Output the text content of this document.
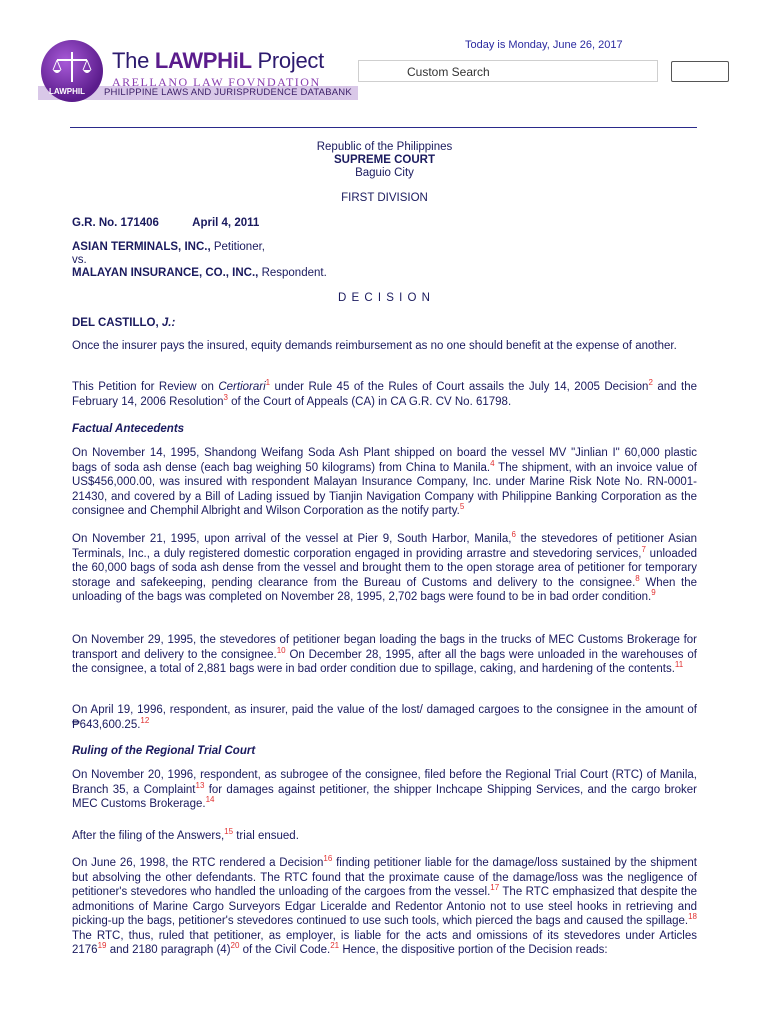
LAWPHIL
The LAWPHiL Project
ARELLANO LAW FOVNDATION
PHILIPPINE LAWS AND JURISPRUDENCE DATABANK
Today is Monday, June 26, 2017
Custom Search
Republic of the Philippines
SUPREME COURT
Baguio City
FIRST DIVISION
G.R. No. 171406	April 4, 2011
ASIAN TERMINALS, INC., Petitioner,
vs.
MALAYAN INSURANCE, CO., INC., Respondent.
D E C I S I O N
DEL CASTILLO, J.:

Once the insurer pays the insured, equity demands reimbursement as no one should benefit at the expense of another.

This Petition for Review on Certiorari$^1$ under Rule 45 of the Rules of Court assails the July 14, 2005 Decision$^2$ and the February 14, 2006 Resolution$^3$ of the Court of Appeals (CA) in CA G.R. CV No. 61798.

Factual Antecedents

On November 14, 1995, Shandong Weifang Soda Ash Plant shipped on board the vessel MV "Jinlian I" 60,000 plastic bags of soda ash dense (each bag weighing 50 kilograms) from China to Manila.$^4$ The shipment, with an invoice value of US$456,000.00, was insured with respondent Malayan Insurance Company, Inc. under Marine Risk Note No. RN-0001-21430, and covered by a Bill of Lading issued by Tianjin Navigation Company with Philippine Banking Corporation as the consignee and Chemphil Albright and Wilson Corporation as the notify party.$^5$

On November 21, 1995, upon arrival of the vessel at Pier 9, South Harbor, Manila,$^6$ the stevedores of petitioner Asian Terminals, Inc., a duly registered domestic corporation engaged in providing arrastre and stevedoring services,$^7$ unloaded the 60,000 bags of soda ash dense from the vessel and brought them to the open storage area of petitioner for temporary storage and safekeeping, pending clearance from the Bureau of Customs and delivery to the consignee.$^8$ When the unloading of the bags was completed on November 28, 1995, 2,702 bags were found to be in bad order condition.$^9$

On November 29, 1995, the stevedores of petitioner began loading the bags in the trucks of MEC Customs Brokerage for transport and delivery to the consignee.$^{10}$ On December 28, 1995, after all the bags were unloaded in the warehouses of the consignee, a total of 2,881 bags were in bad order condition due to spillage, caking, and hardening of the contents.$^{11}$

On April 19, 1996, respondent, as insurer, paid the value of the lost/ damaged cargoes to the consignee in the amount of ₱643,600.25.12

Ruling of the Regional Trial Court

On November 20, 1996, respondent, as subrogee of the consignee, filed before the Regional Trial Court (RTC) of Manila, Branch 35, a Complaint$^{13}$ for damages against petitioner, the shipper Inchcape Shipping Services, and the cargo broker MEC Customs Brokerage.$^{14}$

After the filing of the Answers,$^{15}$ trial ensued.

On June 26, 1998, the RTC rendered a Decision$^{16}$ finding petitioner liable for the damage/loss sustained by the shipment but absolving the other defendants. The RTC found that the proximate cause of the damage/loss was the negligence of petitioner's stevedores who handled the unloading of the cargoes from the vessel.$^{17}$ The RTC emphasized that despite the admonitions of Marine Cargo Surveyors Edgar Liceralde and Redentor Antonio not to use steel hooks in retrieving and picking-up the bags, petitioner's stevedores continued to use such tools, which pierced the bags and caused the spillage.$^{18}$ The RTC, thus, ruled that petitioner, as employer, is liable for the acts and omissions of its stevedores under Articles 2176$^{19}$ and 2180 paragraph (4)$^{20}$ of the Civil Code.$^{21}$ Hence, the dispositive portion of the Decision reads:
